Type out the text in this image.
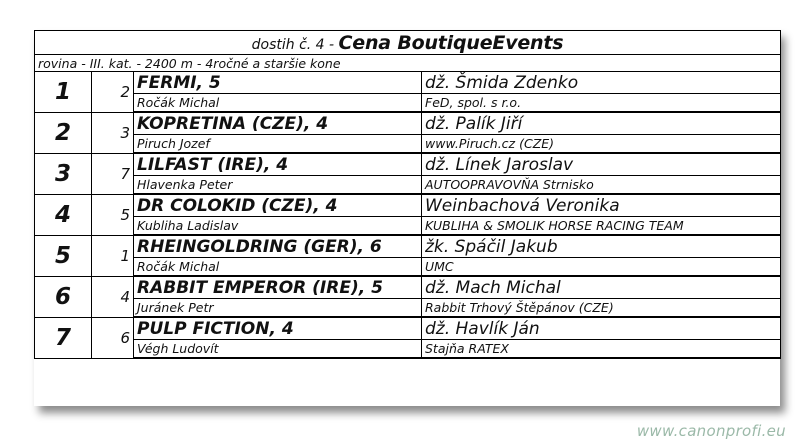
dostih č. 4 - Cena BoutiqueEvents			
rovina - III. kat. - 2400 m - 4ročné a staršie kone			
1	2	FERMI, 5	dž. Šmida Zdenko
		Ročák Michal	FeD, spol. s r.o.
2	3	KOPRETINA (CZE), 4	dž. Palík Jiří
		Piruch Jozef	www.Piruch.cz (CZE)
3	7	LILFAST (IRE), 4	dž. Línek Jaroslav
		Hlavenka Peter	AUTOOPRAVOVŇA Strnisko
4	5	DR COLOKID (CZE), 4	Weinbachová Veronika
		Kubliha Ladislav	KUBLIHA & SMOLIK HORSE RACING TEAM
5	1	RHEINGOLDRING (GER), 6	žk. Spáčil Jakub
		Ročák Michal	UMC
6	4	RABBIT EMPEROR (IRE), 5	dž. Mach Michal
		Juránek Petr	Rabbit Trhový Štěpánov (CZE)
7	6	PULP FICTION, 4	dž. Havlík Ján
		Végh Ludovít	Stajňa RATEX
www.canonprofi.eu
